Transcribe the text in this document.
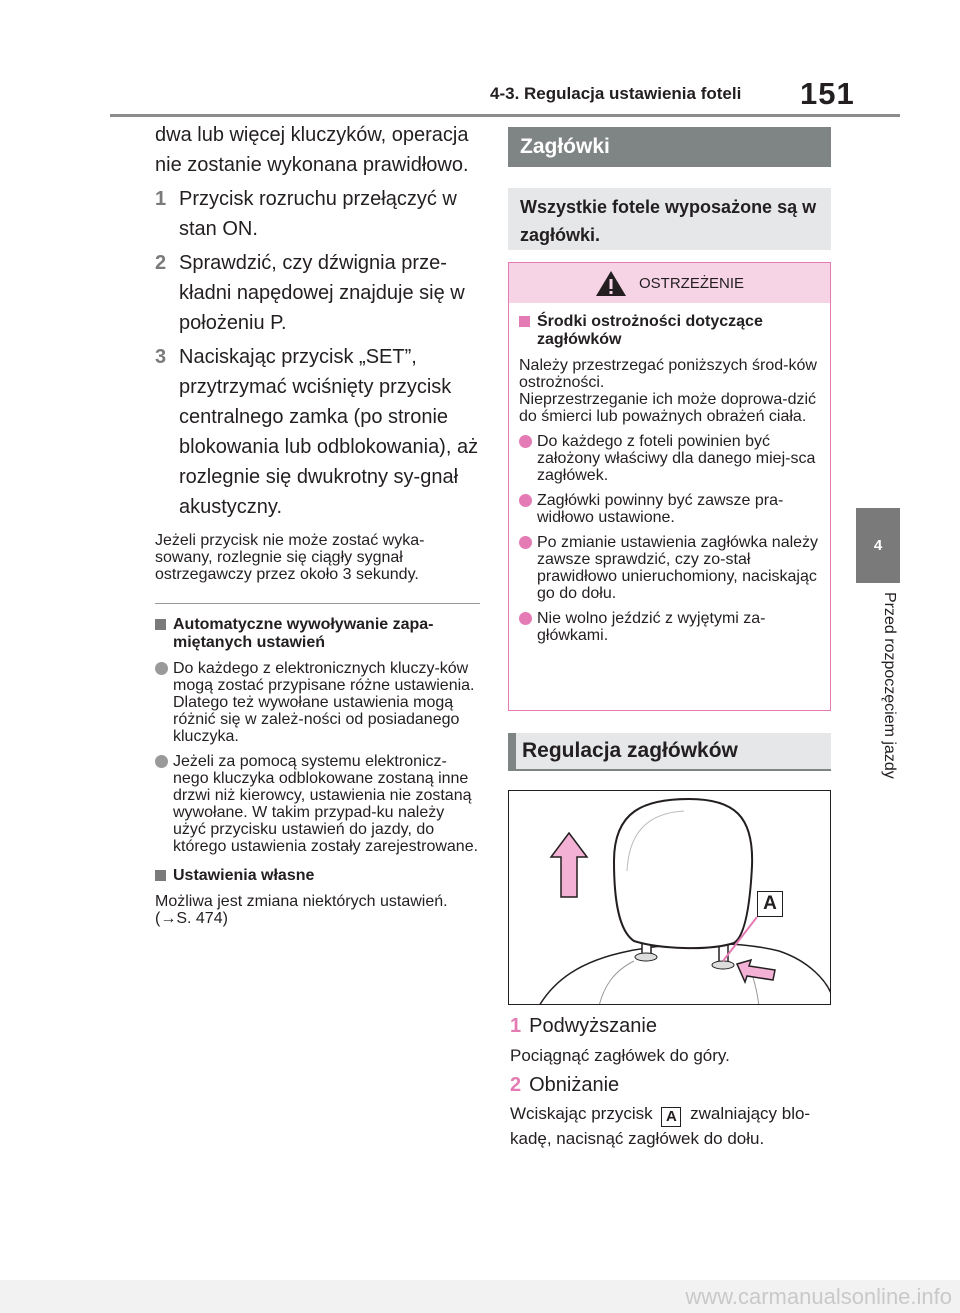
4-3. Regulacja ustawienia foteli 151
4
Przed rozpoczęciem jazdy

dwa lub więcej kluczyków, operacja nie zostanie wykonana prawidłowo.

1 Przycisk rozruchu przełączyć w stan ON.
2 Sprawdzić, czy dźwignia prze-kładni napędowej znajduje się w położeniu P.
3 Naciskając przycisk „SET”, przytrzymać wciśnięty przycisk centralnego zamka (po stronie blokowania lub odblokowania), aż rozlegnie się dwukrotny sy-gnał akustyczny.
Jeżeli przycisk nie może zostać wyka-sowany, rozlegnie się ciągły sygnał ostrzegawczy przez około 3 sekundy.
Automatyczne wywoływanie zapa-miętanych ustawień
Do każdego z elektronicznych kluczy-ków mogą zostać przypisane różne ustawienia. Dlatego też wywołane ustawienia mogą różnić się w zależ-ności od posiadanego kluczyka.
Jeżeli za pomocą systemu elektronicz-nego kluczyka odblokowane zostaną inne drzwi niż kierowcy, ustawienia nie zostaną wywołane. W takim przypad-ku należy użyć przycisku ustawień do jazdy, do którego ustawienia zostały zarejestrowane.
Ustawienia własne
Możliwa jest zmiana niektórych ustawień.
(→S. 474)
Zagłówki
Wszystkie fotele wyposażone są w zagłówki.
OSTRZEŻENIE
Środki ostrożności dotyczące zagłówków
Należy przestrzegać poniższych środ-ków ostrożności.
Nieprzestrzeganie ich może doprowa-dzić do śmierci lub poważnych obrażeń ciała.
Do każdego z foteli powinien być założony właściwy dla danego miej-sca zagłówek.
Zagłówki powinny być zawsze pra-widłowo ustawione.
Po zmianie ustawienia zagłówka należy zawsze sprawdzić, czy zo-stał prawidłowo unieruchomiony, naciskając go do dołu.
Nie wolno jeździć z wyjętymi za-główkami.
Regulacja zagłówków
A
1 Podwyższanie
Pociągnąć zagłówek do góry.
2 Obniżanie
Wciskając przycisk A zwalniający blo-kadę, nacisnąć zagłówek do dołu.
www.carmanualsonline.info
